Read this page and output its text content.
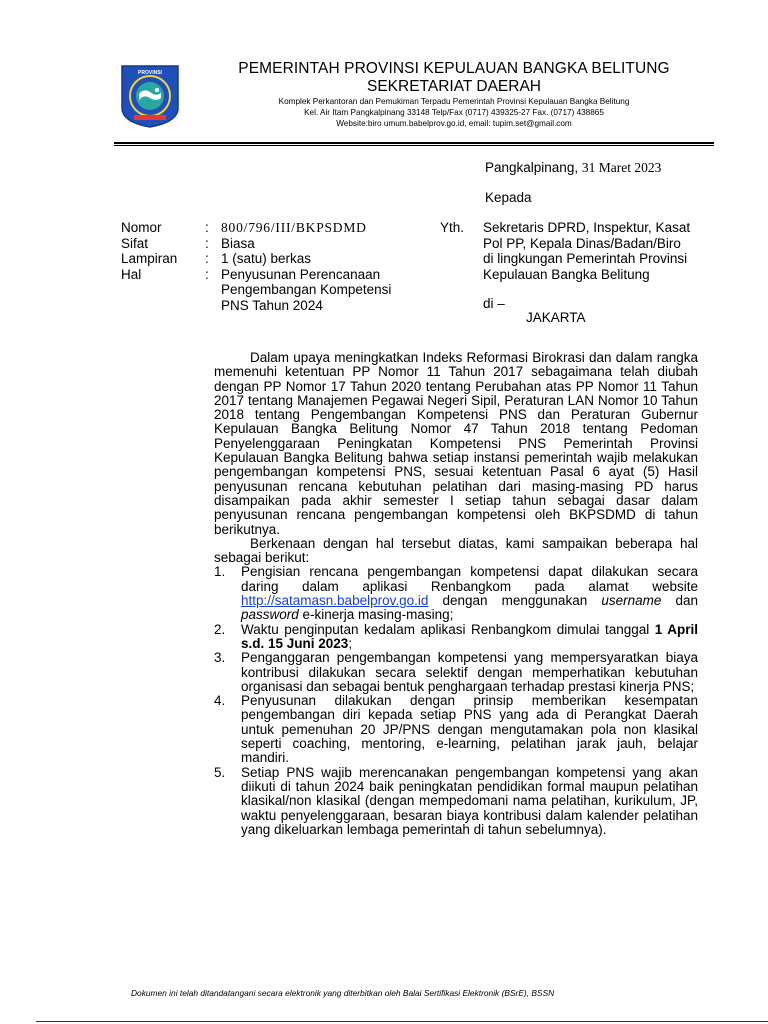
PROVINSI	PEMERINTAH PROVINSI KEPULAUAN BANGKA BELITUNG
SEKRETARIAT DAERAH
Komplek Perkantoran dan Pemukiman Terpadu Pemerintah Provinsi Kepulauan Bangka Belitung
Kel. Air Itam Pangkalpinang 33148 Telp/Fax (0717) 439325-27 Fax. (0717) 438865
Website:biro umum.babelprov.go.id, email: tupim.set@gmail.com
Pangkalpinang, 31 Maret 2023
Kepada
Nomor	: 800/796/III/BKPSDMD
Sifat	: Biasa
Lampiran	: 1 (satu) berkas
Hal	: Penyusunan Perencanaan
Pengembangan Kompetensi
PNS Tahun 2024
Yth. Sekretaris DPRD, Inspektur, Kasat
Pol PP, Kepala Dinas/Badan/Biro
di lingkungan Pemerintah Provinsi
Kepulauan Bangka Belitung
di –
JAKARTA

Dalam upaya meningkatkan Indeks Reformasi Birokrasi dan dalam rangka memenuhi ketentuan PP Nomor 11 Tahun 2017 sebagaimana telah diubah dengan PP Nomor 17 Tahun 2020 tentang Perubahan atas PP Nomor 11 Tahun 2017 tentang Manajemen Pegawai Negeri Sipil, Peraturan LAN Nomor 10 Tahun 2018 tentang Pengembangan Kompetensi PNS dan Peraturan Gubernur Kepulauan Bangka Belitung Nomor 47 Tahun 2018 tentang Pedoman Penyelenggaraan Peningkatan Kompetensi PNS Pemerintah Provinsi Kepulauan Bangka Belitung bahwa setiap instansi pemerintah wajib melakukan pengembangan kompetensi PNS, sesuai ketentuan Pasal 6 ayat (5) Hasil penyusunan rencana kebutuhan pelatihan dari masing-masing PD harus disampaikan pada akhir semester I setiap tahun sebagai dasar dalam penyusunan rencana pengembangan kompetensi oleh BKPSDMD di tahun berikutnya.

Berkenaan dengan hal tersebut diatas, kami sampaikan beberapa hal sebagai berikut:

1.	Pengisian rencana pengembangan kompetensi dapat dilakukan secara daring dalam aplikasi Renbangkom pada alamat website http://satamasn.babelprov.go.id dengan menggunakan username dan password e-kinerja masing-masing;
2.	Waktu penginputan kedalam aplikasi Renbangkom dimulai tanggal 1 April s.d. 15 Juni 2023;
3.	Penganggaran pengembangan kompetensi yang mempersyaratkan biaya kontribusi dilakukan secara selektif dengan memperhatikan kebutuhan organisasi dan sebagai bentuk penghargaan terhadap prestasi kinerja PNS;
4.	Penyusunan dilakukan dengan prinsip memberikan kesempatan pengembangan diri kepada setiap PNS yang ada di Perangkat Daerah untuk pemenuhan 20 JP/PNS dengan mengutamakan pola non klasikal seperti coaching, mentoring, e-learning, pelatihan jarak jauh, belajar mandiri.
5.	Setiap PNS wajib merencanakan pengembangan kompetensi yang akan diikuti di tahun 2024 baik peningkatan pendidikan formal maupun pelatihan klasikal/non klasikal (dengan mempedomani nama pelatihan, kurikulum, JP, waktu penyelenggaraan, besaran biaya kontribusi dalam kalender pelatihan yang dikeluarkan lembaga pemerintah di tahun sebelumnya).
Dokumen ini telah ditandatangani secara elektronik yang diterbitkan oleh Balai Sertifikasi Elektronik (BSrE), BSSN
